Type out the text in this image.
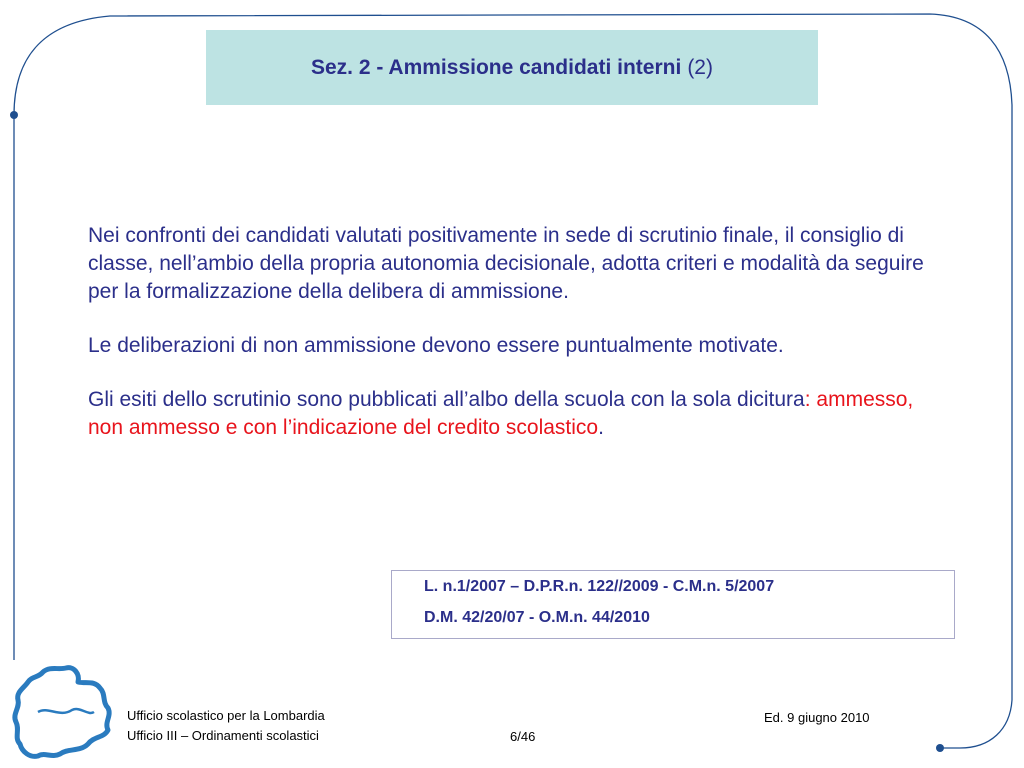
Sez. 2 - Ammissione candidati interni (2)

Nei confronti dei candidati valutati positivamente in sede di scrutinio finale, il consiglio di classe, nell’ambio della propria autonomia decisionale, adotta criteri e modalità da seguire per la formalizzazione della delibera di ammissione.

Le deliberazioni di non ammissione devono essere puntualmente motivate.

Gli esiti dello scrutinio sono pubblicati all’albo della scuola con la sola dicitura: ammesso, non ammesso e con l’indicazione del credito scolastico.

L. n.1/2007 – D.P.R.n. 122//2009 - C.M.n. 5/2007
D.M. 42/20/07 - O.M.n. 44/2010
Ufficio scolastico per la Lombardia
Ufficio III – Ordinamenti scolastici	6/46
Ed. 9 giugno 2010
